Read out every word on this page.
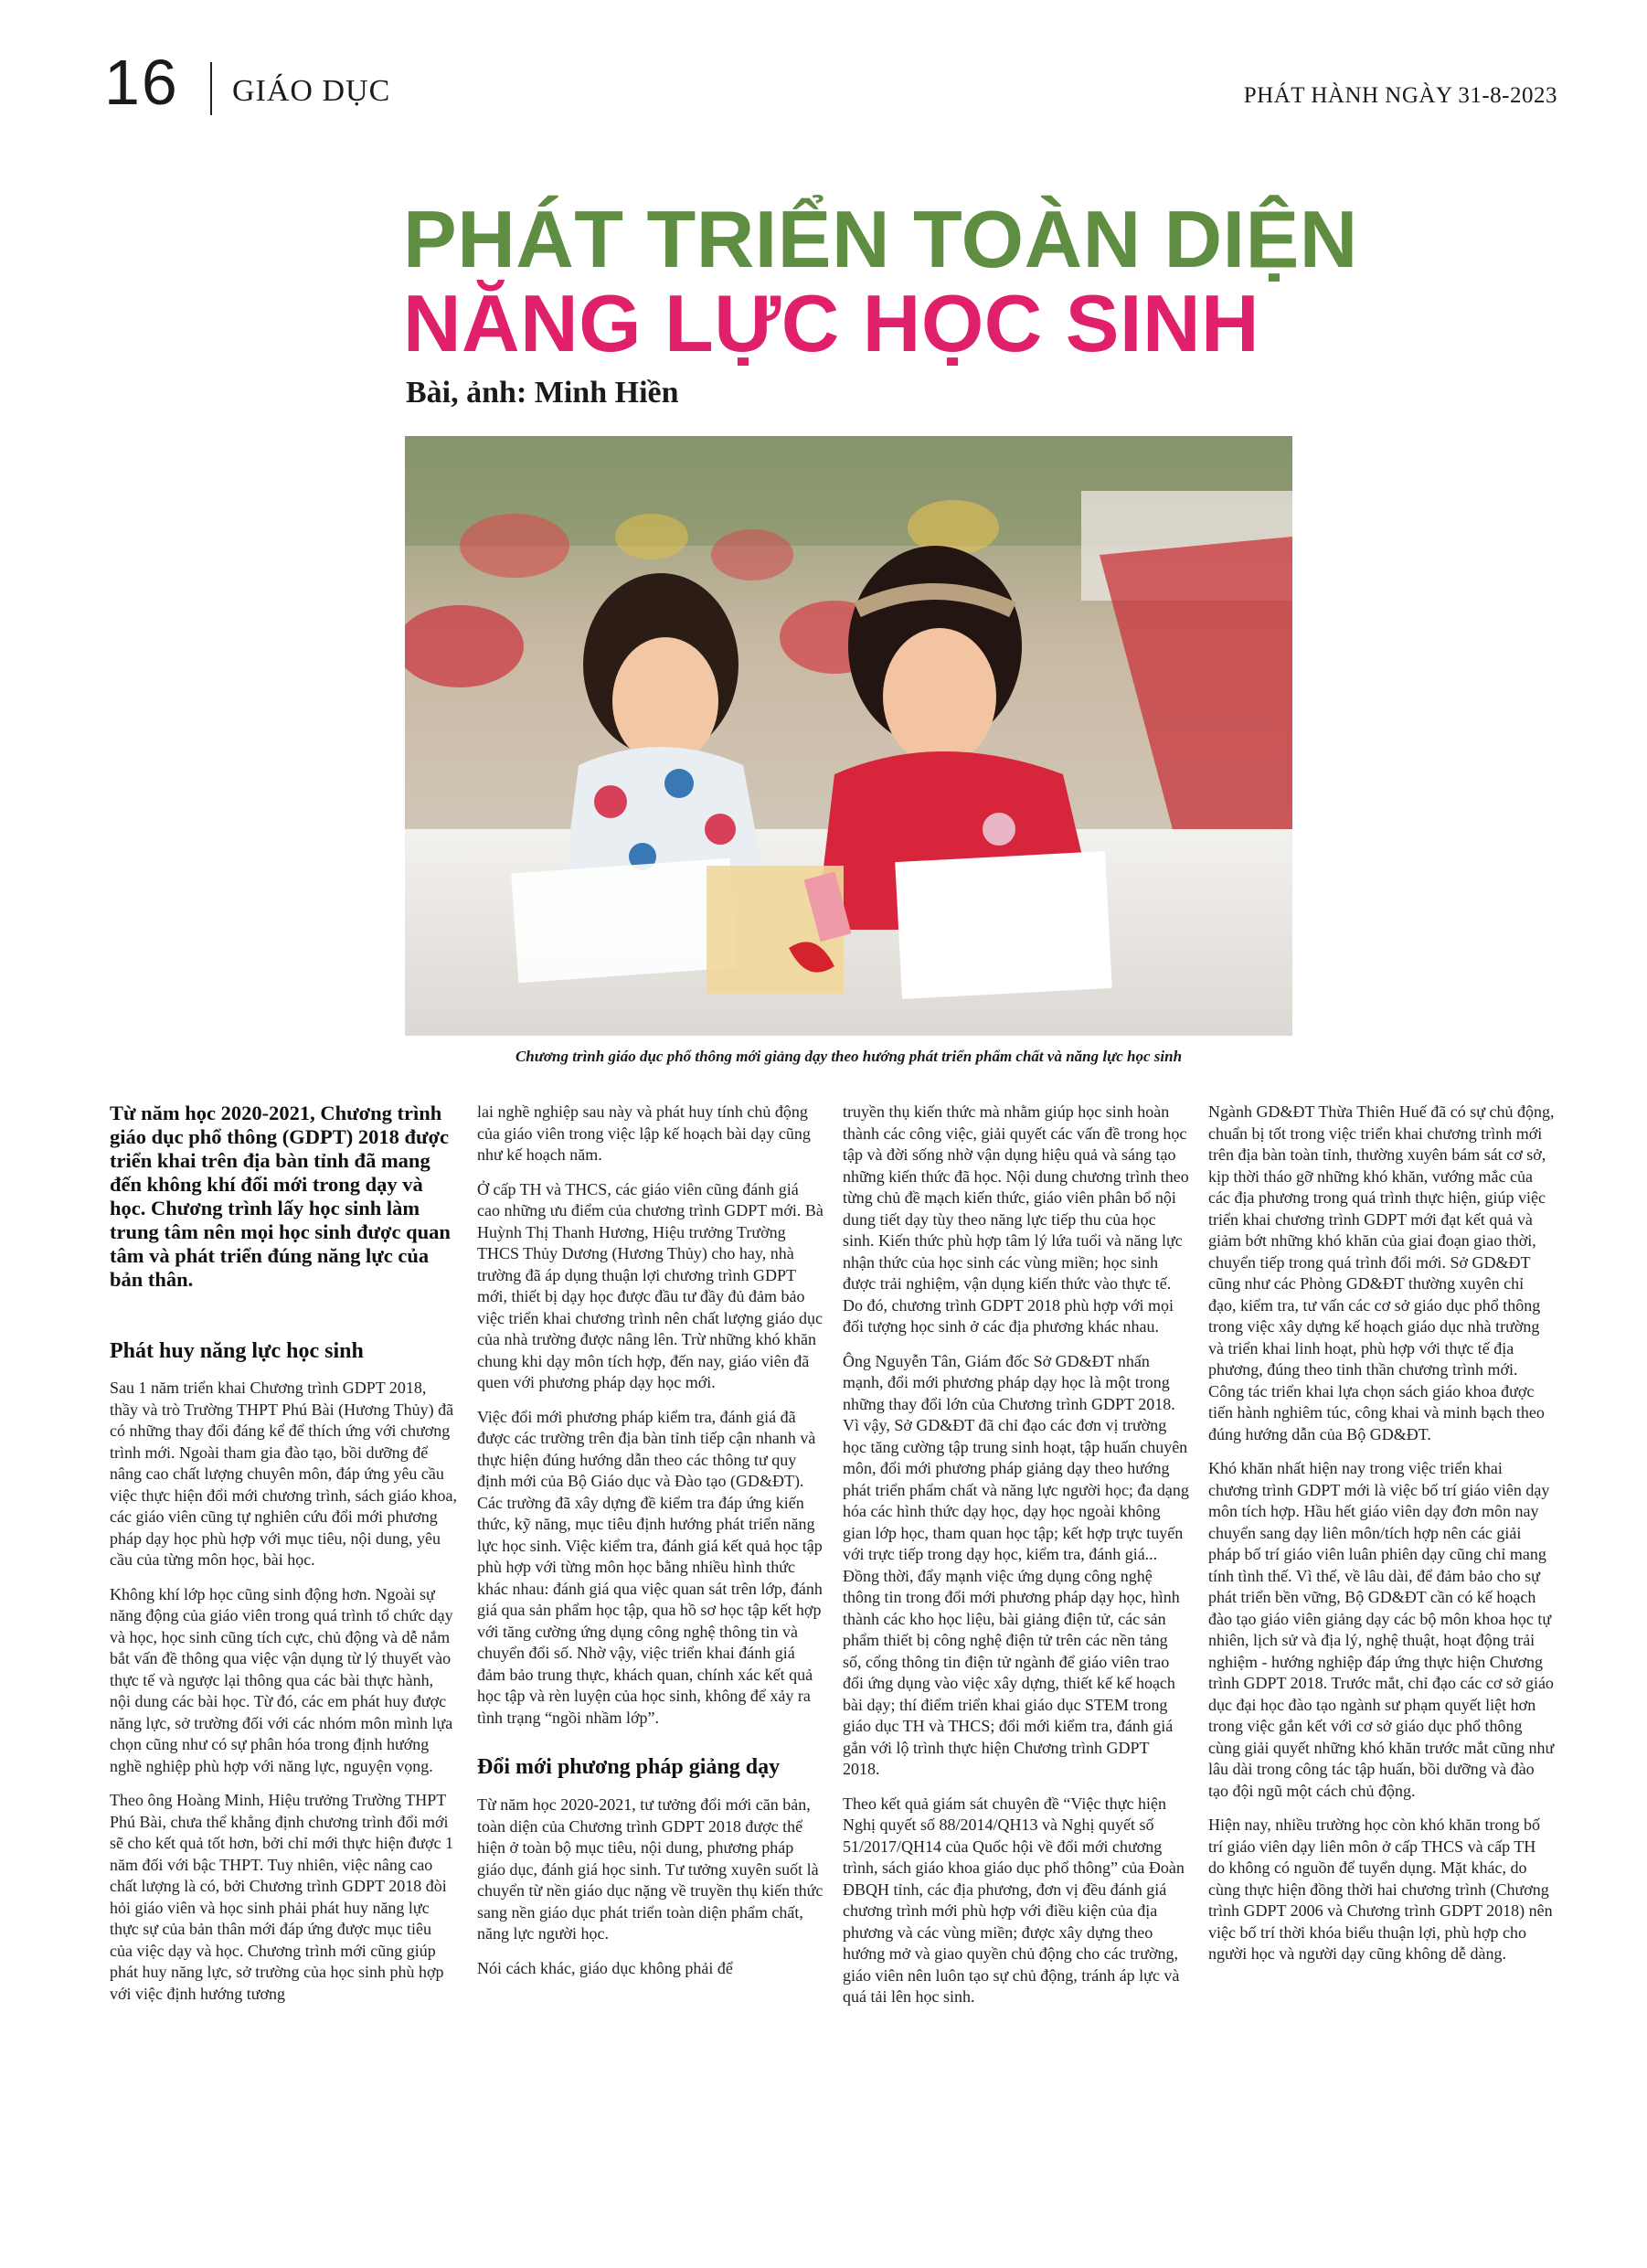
16 GIÁO DỤC	PHÁT HÀNH NGÀY 31-8-2023
PHÁT TRIỂN TOÀN DIỆN
NĂNG LỰC HỌC SINH
Bài, ảnh: Minh Hiền
Chương trình giáo dục phổ thông mới giảng dạy theo hướng phát triển phẩm chất và năng lực học sinh

Từ năm học 2020-2021, Chương trình giáo dục phổ thông (GDPT) 2018 được triển khai trên địa bàn tỉnh đã mang đến không khí đổi mới trong dạy và học. Chương trình lấy học sinh làm trung tâm nên mọi học sinh được quan tâm và phát triển đúng năng lực của bản thân.

Phát huy năng lực học sinh

Sau 1 năm triển khai Chương trình GDPT 2018, thầy và trò Trường THPT Phú Bài (Hương Thủy) đã có những thay đổi đáng kể để thích ứng với chương trình mới. Ngoài tham gia đào tạo, bồi dưỡng để nâng cao chất lượng chuyên môn, đáp ứng yêu cầu việc thực hiện đổi mới chương trình, sách giáo khoa, các giáo viên cũng tự nghiên cứu đổi mới phương pháp dạy học phù hợp với mục tiêu, nội dung, yêu cầu của từng môn học, bài học.

Không khí lớp học cũng sinh động hơn. Ngoài sự năng động của giáo viên trong quá trình tổ chức dạy và học, học sinh cũng tích cực, chủ động và dễ nắm bắt vấn đề thông qua việc vận dụng từ lý thuyết vào thực tế và ngược lại thông qua các bài thực hành, nội dung các bài học. Từ đó, các em phát huy được năng lực, sở trường đối với các nhóm môn mình lựa chọn cũng như có sự phân hóa trong định hướng nghề nghiệp phù hợp với năng lực, nguyện vọng.

Theo ông Hoàng Minh, Hiệu trưởng Trường THPT Phú Bài, chưa thể khẳng định chương trình đổi mới sẽ cho kết quả tốt hơn, bởi chỉ mới thực hiện được 1 năm đối với bậc THPT. Tuy nhiên, việc nâng cao chất lượng là có, bởi Chương trình GDPT 2018 đòi hỏi giáo viên và học sinh phải phát huy năng lực thực sự của bản thân mới đáp ứng được mục tiêu của việc dạy và học. Chương trình mới cũng giúp phát huy năng lực, sở trường của học sinh phù hợp với việc định hướng tương

lai nghề nghiệp sau này và phát huy tính chủ động của giáo viên trong việc lập kế hoạch bài dạy cũng như kế hoạch năm.

Ở cấp TH và THCS, các giáo viên cũng đánh giá cao những ưu điểm của chương trình GDPT mới. Bà Huỳnh Thị Thanh Hương, Hiệu trưởng Trường THCS Thủy Dương (Hương Thủy) cho hay, nhà trường đã áp dụng thuận lợi chương trình GDPT mới, thiết bị dạy học được đầu tư đầy đủ đảm bảo việc triển khai chương trình nên chất lượng giáo dục của nhà trường được nâng lên. Trừ những khó khăn chung khi dạy môn tích hợp, đến nay, giáo viên đã quen với phương pháp dạy học mới.

Việc đổi mới phương pháp kiểm tra, đánh giá đã được các trường trên địa bàn tỉnh tiếp cận nhanh và thực hiện đúng hướng dẫn theo các thông tư quy định mới của Bộ Giáo dục và Đào tạo (GD&ĐT). Các trường đã xây dựng đề kiểm tra đáp ứng kiến thức, kỹ năng, mục tiêu định hướng phát triển năng lực học sinh. Việc kiểm tra, đánh giá kết quả học tập phù hợp với từng môn học bằng nhiều hình thức khác nhau: đánh giá qua việc quan sát trên lớp, đánh giá qua sản phẩm học tập, qua hồ sơ học tập kết hợp với tăng cường ứng dụng công nghệ thông tin và chuyển đổi số. Nhờ vậy, việc triển khai đánh giá đảm bảo trung thực, khách quan, chính xác kết quả học tập và rèn luyện của học sinh, không để xảy ra tình trạng “ngồi nhầm lớp”.

Đổi mới phương pháp giảng dạy

Từ năm học 2020-2021, tư tưởng đổi mới căn bản, toàn diện của Chương trình GDPT 2018 được thể hiện ở toàn bộ mục tiêu, nội dung, phương pháp giáo dục, đánh giá học sinh. Tư tưởng xuyên suốt là chuyển từ nền giáo dục nặng về truyền thụ kiến thức sang nền giáo dục phát triển toàn diện phẩm chất, năng lực người học.

Nói cách khác, giáo dục không phải để

truyền thụ kiến thức mà nhằm giúp học sinh hoàn thành các công việc, giải quyết các vấn đề trong học tập và đời sống nhờ vận dụng hiệu quả và sáng tạo những kiến thức đã học. Nội dung chương trình theo từng chủ đề mạch kiến thức, giáo viên phân bổ nội dung tiết dạy tùy theo năng lực tiếp thu của học sinh. Kiến thức phù hợp tâm lý lứa tuổi và năng lực nhận thức của học sinh các vùng miền; học sinh được trải nghiệm, vận dụng kiến thức vào thực tế. Do đó, chương trình GDPT 2018 phù hợp với mọi đối tượng học sinh ở các địa phương khác nhau.

Ông Nguyễn Tân, Giám đốc Sở GD&ĐT nhấn mạnh, đổi mới phương pháp dạy học là một trong những thay đổi lớn của Chương trình GDPT 2018. Vì vậy, Sở GD&ĐT đã chỉ đạo các đơn vị trường học tăng cường tập trung sinh hoạt, tập huấn chuyên môn, đổi mới phương pháp giảng dạy theo hướng phát triển phẩm chất và năng lực người học; đa dạng hóa các hình thức dạy học, dạy học ngoài không gian lớp học, tham quan học tập; kết hợp trực tuyến với trực tiếp trong dạy học, kiểm tra, đánh giá... Đồng thời, đẩy mạnh việc ứng dụng công nghệ thông tin trong đổi mới phương pháp dạy học, hình thành các kho học liệu, bài giảng điện tử, các sản phẩm thiết bị công nghệ điện tử trên các nền tảng số, cổng thông tin điện tử ngành để giáo viên trao đổi ứng dụng vào việc xây dựng, thiết kế kế hoạch bài dạy; thí điểm triển khai giáo dục STEM trong giáo dục TH và THCS; đổi mới kiểm tra, đánh giá gắn với lộ trình thực hiện Chương trình GDPT 2018.

Theo kết quả giám sát chuyên đề “Việc thực hiện Nghị quyết số 88/2014/QH13 và Nghị quyết số 51/2017/QH14 của Quốc hội về đổi mới chương trình, sách giáo khoa giáo dục phổ thông” của Đoàn ĐBQH tỉnh, các địa phương, đơn vị đều đánh giá chương trình mới phù hợp với điều kiện của địa phương và các vùng miền; được xây dựng theo hướng mở và giao quyền chủ động cho các trường, giáo viên nên luôn tạo sự chủ động, tránh áp lực và quá tải lên học sinh.

Ngành GD&ĐT Thừa Thiên Huế đã có sự chủ động, chuẩn bị tốt trong việc triển khai chương trình mới trên địa bàn toàn tỉnh, thường xuyên bám sát cơ sở, kịp thời tháo gỡ những khó khăn, vướng mắc của các địa phương trong quá trình thực hiện, giúp việc triển khai chương trình GDPT mới đạt kết quả và giảm bớt những khó khăn của giai đoạn giao thời, chuyển tiếp trong quá trình đổi mới. Sở GD&ĐT cũng như các Phòng GD&ĐT thường xuyên chỉ đạo, kiểm tra, tư vấn các cơ sở giáo dục phổ thông trong việc xây dựng kế hoạch giáo dục nhà trường và triển khai linh hoạt, phù hợp với thực tế địa phương, đúng theo tinh thần chương trình mới. Công tác triển khai lựa chọn sách giáo khoa được tiến hành nghiêm túc, công khai và minh bạch theo đúng hướng dẫn của Bộ GD&ĐT.

Khó khăn nhất hiện nay trong việc triển khai chương trình GDPT mới là việc bố trí giáo viên dạy môn tích hợp. Hầu hết giáo viên dạy đơn môn nay chuyển sang dạy liên môn/tích hợp nên các giải pháp bố trí giáo viên luân phiên dạy cũng chỉ mang tính tình thế. Vì thế, về lâu dài, để đảm bảo cho sự phát triển bền vững, Bộ GD&ĐT cần có kế hoạch đào tạo giáo viên giảng dạy các bộ môn khoa học tự nhiên, lịch sử và địa lý, nghệ thuật, hoạt động trải nghiệm - hướng nghiệp đáp ứng thực hiện Chương trình GDPT 2018. Trước mắt, chỉ đạo các cơ sở giáo dục đại học đào tạo ngành sư phạm quyết liệt hơn trong việc gắn kết với cơ sở giáo dục phổ thông cùng giải quyết những khó khăn trước mắt cũng như lâu dài trong công tác tập huấn, bồi dưỡng và đào tạo đội ngũ một cách chủ động.

Hiện nay, nhiều trường học còn khó khăn trong bố trí giáo viên dạy liên môn ở cấp THCS và cấp TH do không có nguồn để tuyển dụng. Mặt khác, do cùng thực hiện đồng thời hai chương trình (Chương trình GDPT 2006 và Chương trình GDPT 2018) nên việc bố trí thời khóa biểu thuận lợi, phù hợp cho người học và người dạy cũng không dễ dàng.
